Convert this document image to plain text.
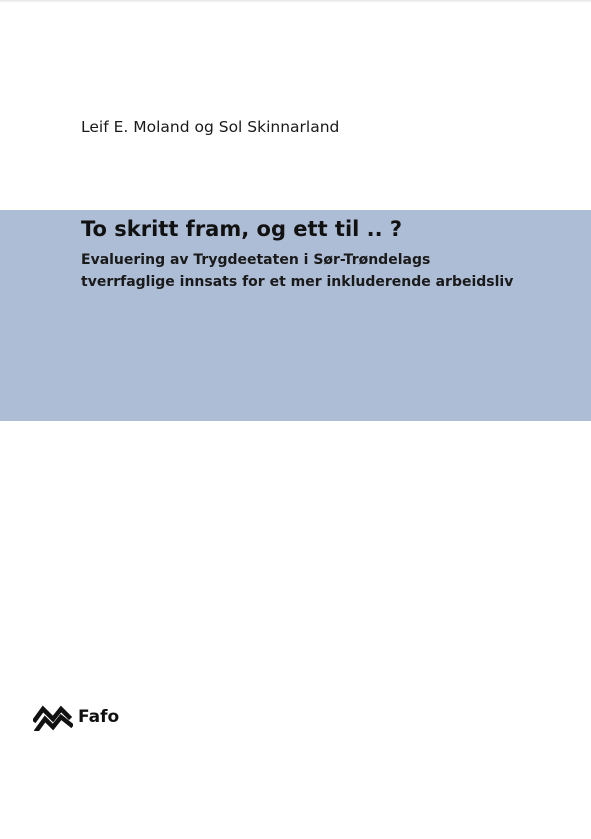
Leif E. Moland og Sol Skinnarland
To skritt fram, og ett til .. ?
Evaluering av Trygdeetaten i Sør-Trøndelags
tverrfaglige innsats for et mer inkluderende arbeidsliv
Fafo
